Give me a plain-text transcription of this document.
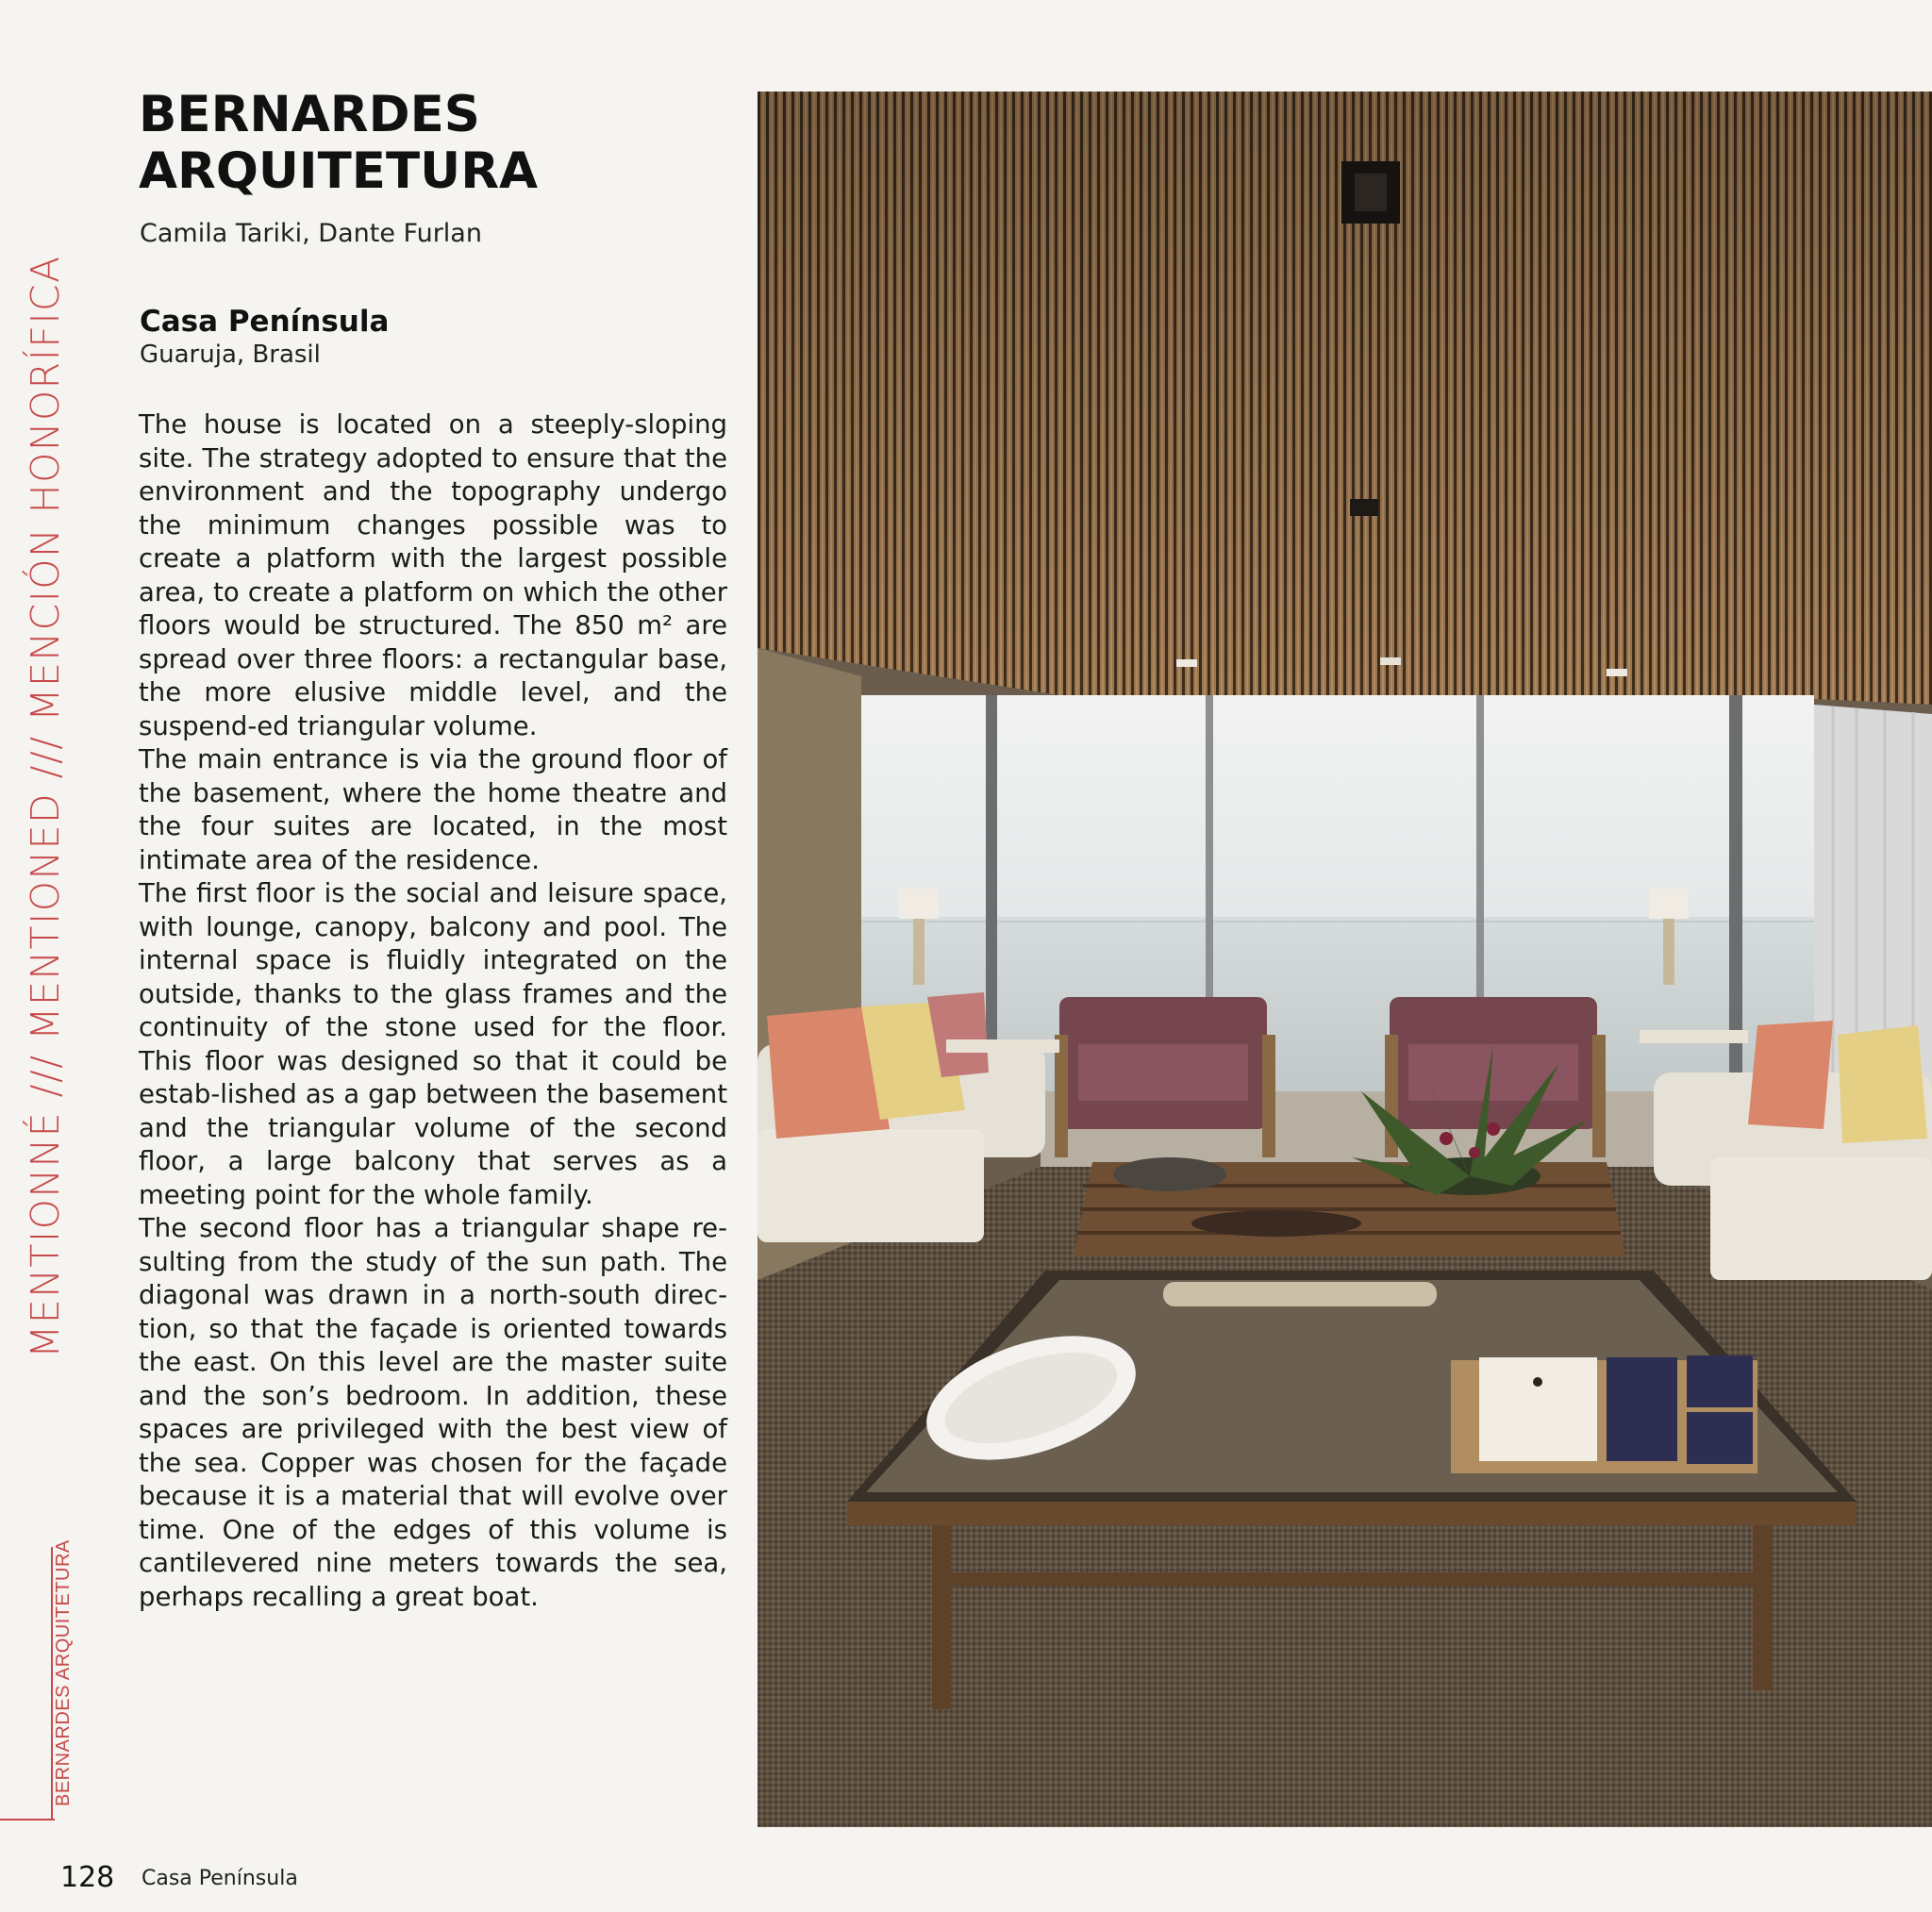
MENTIONNÉ /// MENTIONED /// MENCIÓN HONORÍFICA
BERNARDES ARQUITETURA
BERNARDES
ARQUITETURA

Camila Tariki, Dante Furlan

Casa Península

Guaruja, Brasil

The house is located on a steeply-sloping site. The strategy adopted to ensure that the environment and the topography undergo the minimum changes possible was to create a platform with the largest possible area, to create a platform on which the other floors would be structured. The 850 m² are spread over three floors: a rectangular base, the more elusive middle level, and the suspend-ed triangular volume.

The main entrance is via the ground floor of the basement, where the home theatre and the four suites are located, in the most intimate area of the residence.

The first floor is the social and leisure space, with lounge, canopy, balcony and pool. The internal space is fluidly integrated on the outside, thanks to the glass frames and the continuity of the stone used for the floor. This floor was designed so that it could be estab-lished as a gap between the basement and the triangular volume of the second floor, a large balcony that serves as a meeting point for the whole family.

The second floor has a triangular shape re-sulting from the study of the sun path. The diagonal was drawn in a north-south direc-tion, so that the façade is oriented towards the east. On this level are the master suite and the son’s bedroom. In addition, these spaces are privileged with the best view of the sea. Copper was chosen for the façade because it is a material that will evolve over time. One of the edges of this volume is cantilevered nine meters towards the sea, perhaps recalling a great boat.

128 Casa Península
